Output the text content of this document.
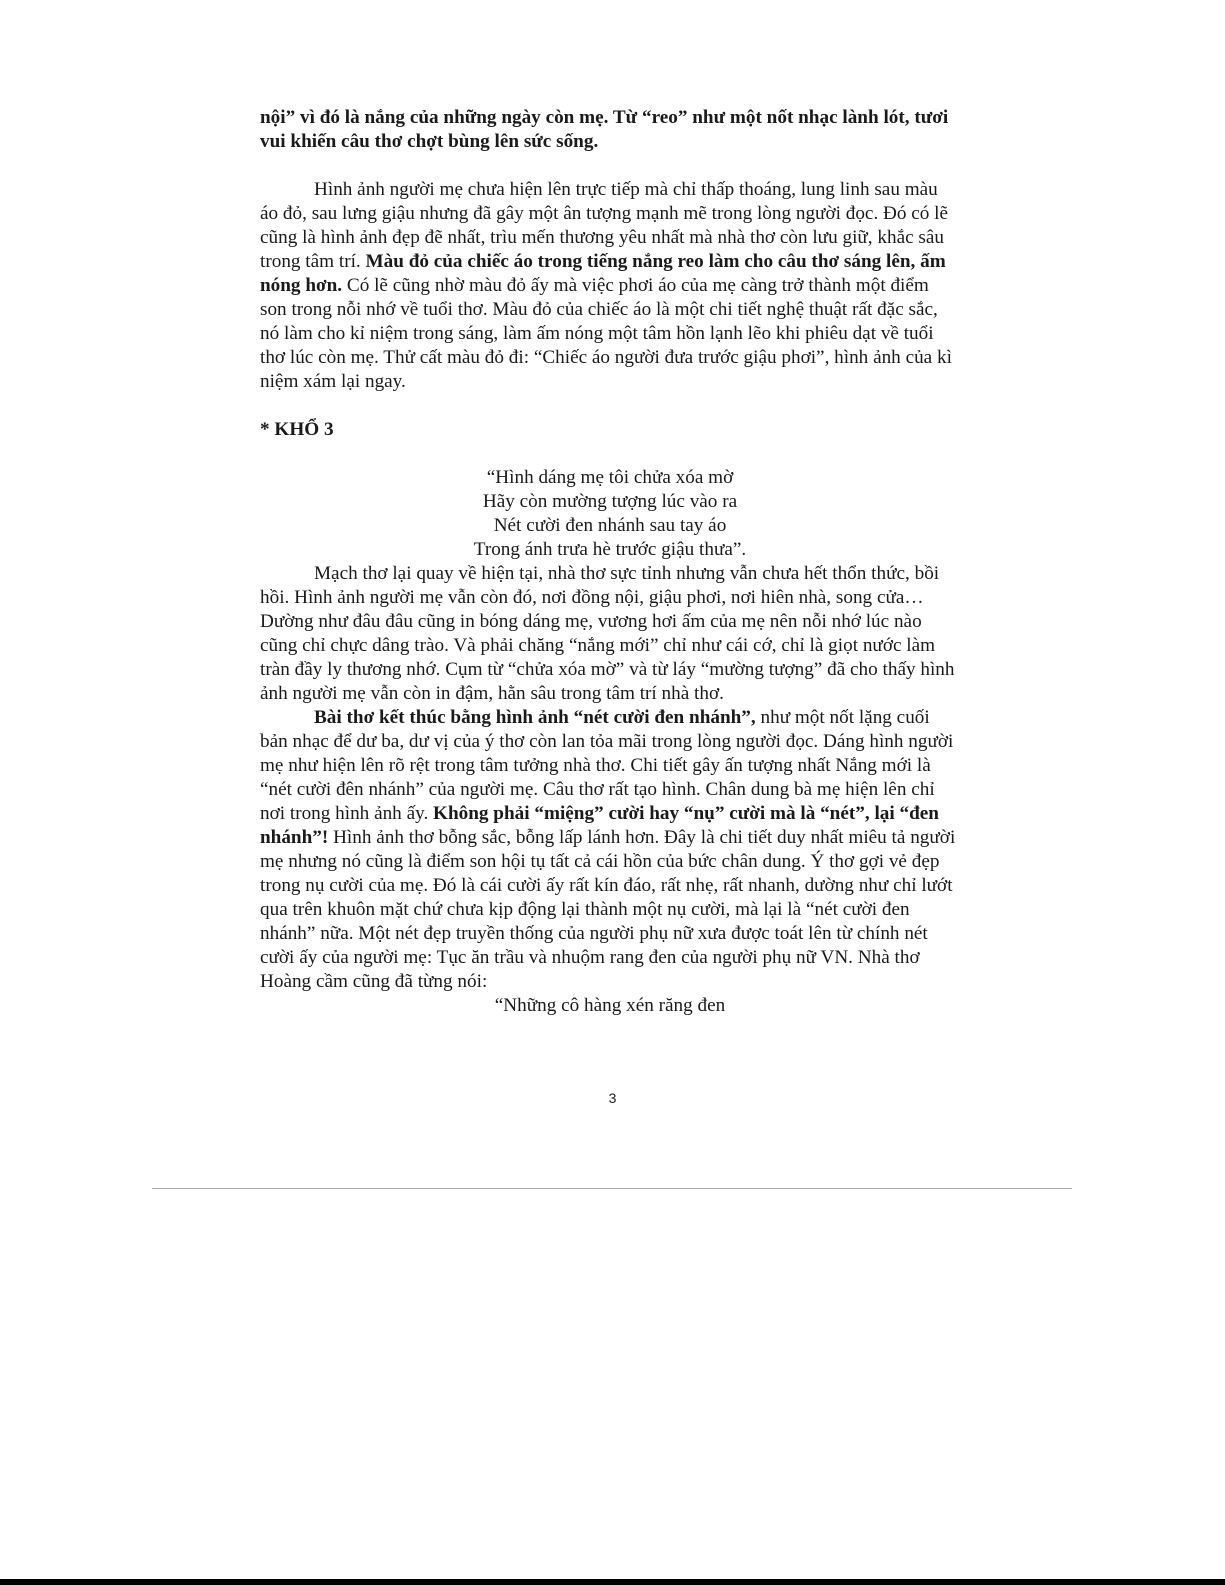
nội” vì đó là nắng của những ngày còn mẹ. Từ “reo” như một nốt nhạc lành lót, tươi vui khiến câu thơ chợt bùng lên sức sống.

Hình ảnh người mẹ chưa hiện lên trực tiếp mà chỉ thấp thoáng, lung linh sau màu áo đỏ, sau lưng giậu nhưng đã gây một ân tượng mạnh mẽ trong lòng người đọc. Đó có lẽ cũng là hình ảnh đẹp đẽ nhất, trìu mến thương yêu nhất mà nhà thơ còn lưu giữ, khắc sâu trong tâm trí. Màu đỏ của chiếc áo trong tiếng nắng reo làm cho câu thơ sáng lên, ấm nóng hơn. Có lẽ cũng nhờ màu đỏ ấy mà việc phơi áo của mẹ càng trở thành một điểm son trong nỗi nhớ về tuổi thơ. Màu đỏ của chiếc áo là một chi tiết nghệ thuật rất đặc sắc, nó làm cho kỉ niệm trong sáng, làm ấm nóng một tâm hồn lạnh lẽo khi phiêu dạt về tuổi thơ lúc còn mẹ. Thử cất màu đỏ đi: “Chiếc áo người đưa trước giậu phơi”, hình ảnh của kì niệm xám lại ngay.

* KHỔ 3

“Hình dáng mẹ tôi chửa xóa mờ

Hãy còn mường tượng lúc vào ra

Nét cười đen nhánh sau tay áo

Trong ánh trưa hè trước giậu thưa”.

Mạch thơ lại quay về hiện tại, nhà thơ sực tỉnh nhưng vẫn chưa hết thổn thức, bồi hồi. Hình ảnh người mẹ vẫn còn đó, nơi đồng nội, giậu phơi, nơi hiên nhà, song cửa… Dường như đâu đâu cũng in bóng dáng mẹ, vương hơi ấm của mẹ nên nỗi nhớ lúc nào cũng chỉ chực dâng trào. Và phải chăng “nắng mới” chỉ như cái cớ, chỉ là giọt nước làm tràn đầy ly thương nhớ. Cụm từ “chửa xóa mờ” và từ láy “mường tượng” đã cho thấy hình ảnh người mẹ vẫn còn in đậm, hằn sâu trong tâm trí nhà thơ.

Bài thơ kết thúc bằng hình ảnh “nét cười đen nhánh”, như một nốt lặng cuối bản nhạc để dư ba, dư vị của ý thơ còn lan tỏa mãi trong lòng người đọc. Dáng hình người mẹ như hiện lên rõ rệt trong tâm tưởng nhà thơ. Chi tiết gây ấn tượng nhất Nắng mới là “nét cười đên nhánh” của người mẹ. Câu thơ rất tạo hình. Chân dung bà mẹ hiện lên chỉ nơi trong hình ảnh ấy. Không phải “miệng” cười hay “nụ” cười mà là “nét”, lại “đen nhánh”! Hình ảnh thơ bỗng sắc, bỗng lấp lánh hơn. Đây là chi tiết duy nhất miêu tả người mẹ nhưng nó cũng là điểm son hội tụ tất cả cái hồn của bức chân dung. Ý thơ gợi vẻ đẹp trong nụ cười của mẹ. Đó là cái cười ấy rất kín đáo, rất nhẹ, rất nhanh, dường như chỉ lướt qua trên khuôn mặt chứ chưa kịp động lại thành một nụ cười, mà lại là “nét cười đen nhánh” nữa. Một nét đẹp truyền thống của người phụ nữ xưa được toát lên từ chính nét cười ấy của người mẹ: Tục ăn trầu và nhuộm rang đen của người phụ nữ VN. Nhà thơ Hoàng cầm cũng đã từng nói:

“Những cô hàng xén răng đen

3
